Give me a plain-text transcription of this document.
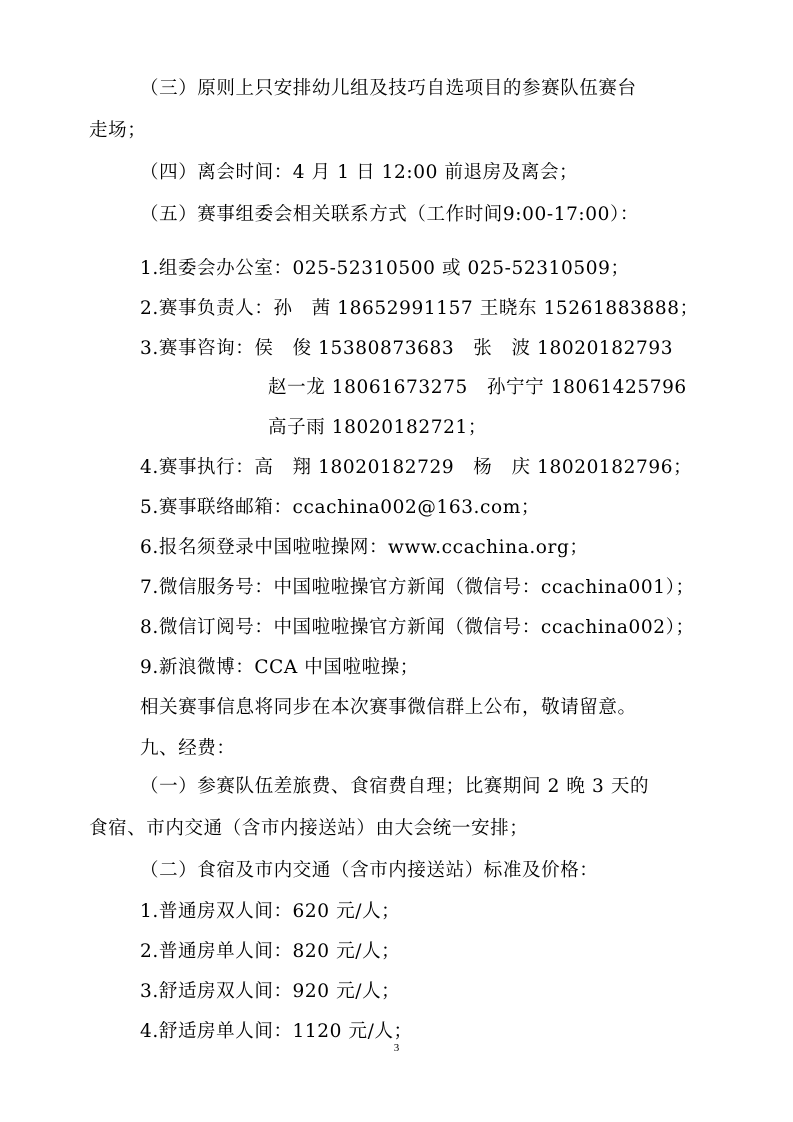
（三）原则上只安排幼儿组及技巧自选项目的参赛队伍赛台
走场；
（四）离会时间：4 月 1 日 12:00 前退房及离会；
（五）赛事组委会相关联系方式（工作时间9:00-17:00）：
1.组委会办公室：025-52310500 或 025-52310509；
2.赛事负责人：孙　茜 18652991157 王晓东 15261883888；
3.赛事咨询：侯　俊 15380873683　张　波 18020182793
赵一龙 18061673275　孙宁宁 18061425796
高子雨 18020182721；
4.赛事执行：高　翔 18020182729　杨　庆 18020182796；
5.赛事联络邮箱：ccachina002@163.com；
6.报名须登录中国啦啦操网：www.ccachina.org；
7.微信服务号：中国啦啦操官方新闻（微信号：ccachina001）；
8.微信订阅号：中国啦啦操官方新闻（微信号：ccachina002）；
9.新浪微博：CCA 中国啦啦操；
相关赛事信息将同步在本次赛事微信群上公布，敬请留意。
九、经费：
（一）参赛队伍差旅费、食宿费自理；比赛期间 2 晚 3 天的
食宿、市内交通（含市内接送站）由大会统一安排；
（二）食宿及市内交通（含市内接送站）标准及价格：
1.普通房双人间：620 元/人；
2.普通房单人间：820 元/人；
3.舒适房双人间：920 元/人；
4.舒适房单人间：1120 元/人；
3
